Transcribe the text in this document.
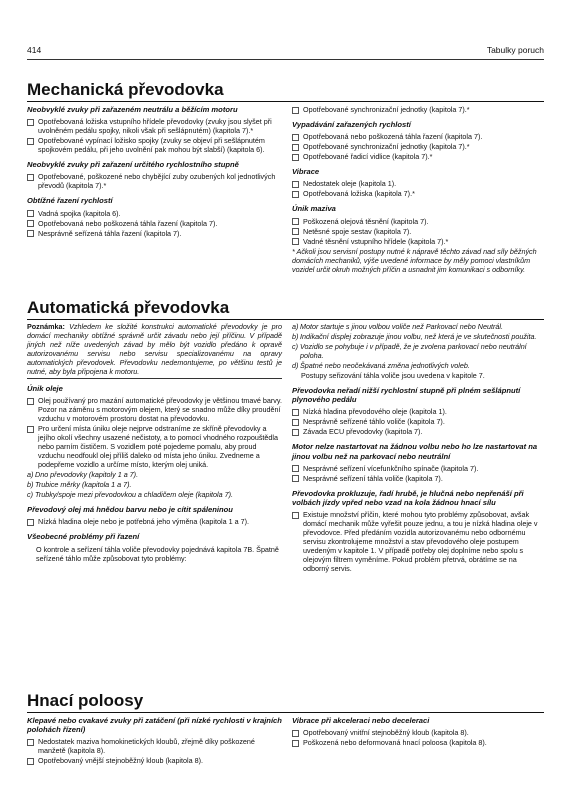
414	Tabulky poruch
Mechanická převodovka
Neobvyklé zvuky při zařazeném neutrálu a běžícím motoru
Opotřebovaná ložiska vstupního hřídele převodovky (zvuky jsou slyšet při uvolněném pedálu spojky, nikoli však při sešlápnutém) (kapitola 7).*
Opotřebované vypínací ložisko spojky (zvuky se objeví při sešlápnutém spojkovém pedálu, při jeho uvolnění pak mohou být slabší) (kapitola 6).
Neobvyklé zvuky při zařazení určitého rychlostního stupně
Opotřebované, poškozené nebo chybějící zuby ozubených kol jednotlivých převodů (kapitola 7).*
Obtížné řazení rychlostí
Vadná spojka (kapitola 6).
Opotřebovaná nebo poškozená táhla řazení (kapitola 7).
Nesprávně seřízená táhla řazení (kapitola 7).
Opotřebované synchronizační jednotky (kapitola 7).*
Vypadávání zařazených rychlostí
Opotřebovaná nebo poškozená táhla řazení (kapitola 7).
Opotřebované synchronizační jednotky (kapitola 7).*
Opotřebované řadicí vidlice (kapitola 7).*
Vibrace
Nedostatek oleje (kapitola 1).
Opotřebovaná ložiska (kapitola 7).*
Únik maziva
Poškozená olejová těsnění (kapitola 7).
Netěsné spoje sestav (kapitola 7).
Vadné těsnění vstupního hřídele (kapitola 7).*
* Ačkoli jsou servisní postupy nutné k nápravě těchto závad nad síly běžných domácích mechaniků, výše uvedené informace by měly pomoci vlastníkům vozidel určit okruh možných příčin a usnadnit jim komunikaci s odborníky.
Automatická převodovka
Poznámka: Vzhledem ke složité konstrukci automatické převodovky je pro domácí mechaniky obtížné správně určit závadu nebo její příčinu. V případě jiných než níže uvedených závad by mělo být vozidlo předáno k opravě autorizovanému servisu nebo servisu specializovanému na opravy automatických převodovek. Převodovku nedemontujeme, po většinu testů je nutné, aby byla připojena k motoru.
Únik oleje
Olej používaný pro mazání automatické převodovky je většinou tmavé barvy. Pozor na záměnu s motorovým olejem, který se snadno může díky proudění vzduchu v motorovém prostoru dostat na převodovku.
Pro určení místa úniku oleje nejprve odstraníme ze skříně převodovky a jejího okolí všechny usazené nečistoty, a to pomocí vhodného rozpouštědla nebo parním čističem. S vozidlem poté pojedeme pomalu, aby proud vzduchu neodfoukl olej příliš daleko od místa jeho úniku. Zvedneme a podepřeme vozidlo a určíme místo, kterým olej uniká.
a) Dno převodovky (kapitoly 1 a 7).
b) Trubice měrky (kapitola 1 a 7).
c) Trubky/spoje mezi převodovkou a chladičem oleje (kapitola 7).
Převodový olej má hnědou barvu nebo je cítit spáleninou
Nízká hladina oleje nebo je potřebná jeho výměna (kapitola 1 a 7).
Všeobecné problémy při řazení
O kontrole a seřízení táhla voliče převodovky pojednává kapitola 7B. Špatně seřízené táhlo může způsobovat tyto problémy:
a) Motor startuje s jinou volbou voliče než Parkovací nebo Neutrál.
b) Indikační displej zobrazuje jinou volbu, než která je ve skutečnosti použita.
c) Vozidlo se pohybuje i v případě, že je zvolena parkovací nebo neutrální poloha.
d) Špatné nebo neočekávaná změna jednotlivých voleb.
Postupy seřizování táhla voliče jsou uvedena v kapitole 7.
Převodovka neřadí nižší rychlostní stupně při plném sešlápnutí plynového pedálu
Nízká hladina převodového oleje (kapitola 1).
Nesprávně seřízené táhlo voliče (kapitola 7).
Závada ECU převodovky (kapitola 7).
Motor nelze nastartovat na žádnou volbu nebo ho lze nastartovat na jinou volbu než na parkovací nebo neutrální
Nesprávné seřízení vícefunkčního spínače (kapitola 7).
Nesprávné seřízení táhla voliče (kapitola 7).
Převodovka prokluzuje, řadí hrubě, je hlučná nebo nepřenáší při volbách jízdy vpřed nebo vzad na kola žádnou hnací sílu
Existuje množství příčin, které mohou tyto problémy způsobovat, avšak domácí mechanik může vyřešit pouze jednu, a tou je nízká hladina oleje v převodovce. Před předáním vozidla autorizovanému nebo odbornému servisu zkontrolujeme množství a stav převodového oleje postupem uvedeným v kapitole 1. V případě potřeby olej doplníme nebo spolu s olejovým filtrem vyměníme. Pokud problém přetrvá, obrátíme se na odborný servis.
Hnací poloosy
Klepavé nebo cvakavé zvuky při zatáčení (při nízké rychlosti v krajních polohách řízení)
Nedostatek maziva homokinetických kloubů, zřejmě díky poškozené manžetě (kapitola 8).
Opotřebovaný vnější stejnoběžný kloub (kapitola 8).
Vibrace při akceleraci nebo deceleraci
Opotřebovaný vnitřní stejnoběžný kloub (kapitola 8).
Poškozená nebo deformovaná hnací poloosa (kapitola 8).
